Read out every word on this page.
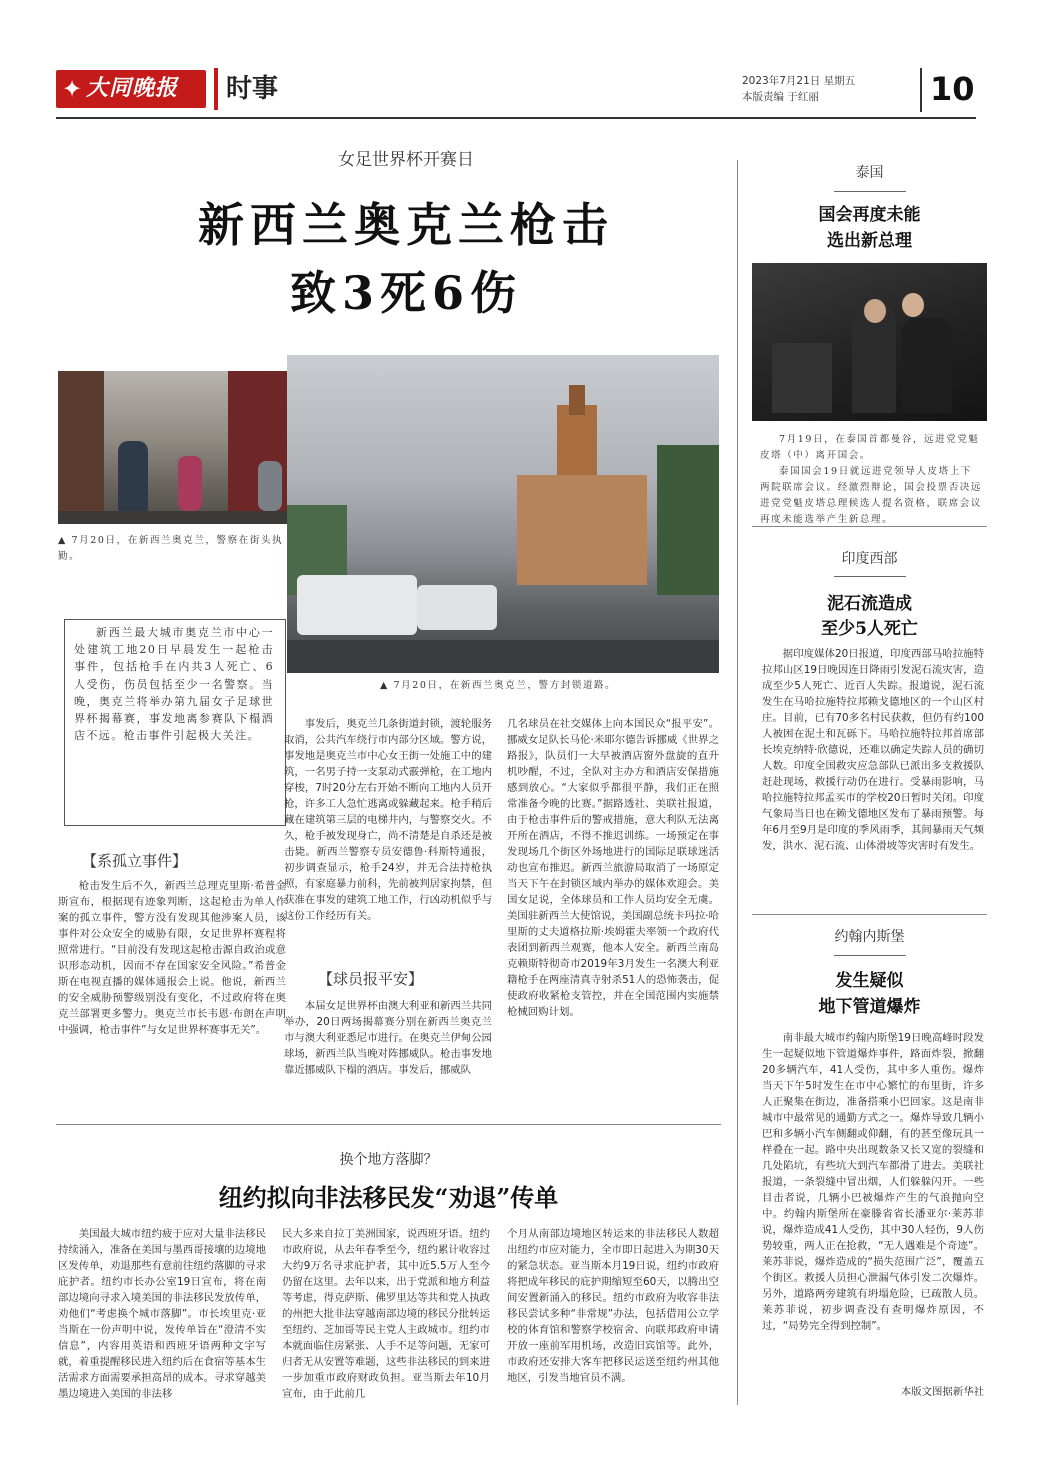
✦ 大同晚报 时事	2023年7月21日 星期五
本版责编 于红丽	10
女足世界杯开赛日
新西兰奥克兰枪击
致3死6伤
▲ 7月20日，在新西兰奥克兰，警察在街头执勤。
▲ 7月20日，在新西兰奥克兰，警方封锁道路。
新西兰最大城市奥克兰市中心一处建筑工地20日早晨发生一起枪击事件，包括枪手在内共3人死亡、6人受伤，伤员包括至少一名警察。当晚，奥克兰将举办第九届女子足球世界杯揭幕赛，事发地离参赛队下榻酒店不远。枪击事件引起极大关注。
【系孤立事件】
枪击发生后不久，新西兰总理克里斯·希普金斯宣布，根据现有迹象判断，这起枪击为单人作案的孤立事件，警方没有发现其他涉案人员，该事件对公众安全的威胁有限，女足世界杯赛程将照常进行。“目前没有发现这起枪击源自政治或意识形态动机，因而不存在国家安全风险。”希普金斯在电视直播的媒体通报会上说。他说，新西兰的安全威胁预警级别没有变化，不过政府将在奥克兰部署更多警力。奥克兰市长韦恩·布朗在声明中强调，枪击事件”与女足世界杯赛事无关”。
事发后，奥克兰几条街道封锁，渡轮服务取消，公共汽车绕行市内部分区域。警方说，事发地是奥克兰市中心女王街一处施工中的建筑，一名男子持一支泵动式霰弹枪，在工地内穿梭，7时20分左右开始不断向工地内人员开枪，许多工人急忙逃离或躲藏起来。枪手稍后藏在建筑第三层的电梯井内，与警察交火。不久，枪手被发现身亡，尚不清楚是自杀还是被击毙。新西兰警察专员安德鲁·科斯特通报，初步调查显示，枪手24岁，并无合法持枪执照，有家庭暴力前科，先前被判居家拘禁，但获准在事发的建筑工地工作，行凶动机似乎与这份工作经历有关。
【球员报平安】
本届女足世界杯由澳大利亚和新西兰共同举办，20日两场揭幕赛分别在新西兰奥克兰市与澳大利亚悉尼市进行。在奥克兰伊甸公园球场，新西兰队当晚对阵挪威队。枪击事发地靠近挪威队下榻的酒店。事发后，挪威队
几名球员在社交媒体上向本国民众“报平安”。挪威女足队长马伦·米耶尔德告诉挪威《世界之路报》，队员们一大早被酒店窗外盘旋的直升机吵醒，不过，全队对主办方和酒店安保措施感到放心。“大家似乎都很平静，我们正在照常准备今晚的比赛。”据路透社、美联社报道，由于枪击事件后的警戒措施，意大利队无法离开所在酒店，不得不推迟训练。一场预定在事发现场几个街区外场地进行的国际足联球迷活动也宣布推迟。新西兰旅游局取消了一场原定当天下午在封锁区域内举办的媒体欢迎会。美国女足说，全体球员和工作人员均安全无虞。美国驻新西兰大使馆说，美国副总统卡玛拉·哈里斯的丈夫道格拉斯·埃姆霍夫率领一个政府代表团到新西兰观赛，他本人安全。新西兰南岛克赖斯特彻奇市2019年3月发生一名澳大利亚籍枪手在两座清真寺射杀51人的恐怖袭击，促使政府收紧枪支管控，并在全国范围内实施禁枪械回购计划。
换个地方落脚？
纽约拟向非法移民发“劝退”传单
美国最大城市纽约疲于应对大量非法移民持续涌入，准备在美国与墨西哥接壤的边境地区发传单，劝退那些有意前往纽约落脚的寻求庇护者。纽约市长办公室19日宣布，将在南部边境向寻求入境美国的非法移民发放传单，劝他们“考虑换个城市落脚”。市长埃里克·亚当斯在一份声明中说，发传单旨在“澄清不实信息”，内容用英语和西班牙语两种文字写就，着重提醒移民进入纽约后在食宿等基本生活需求方面需要承担高昂的成本。寻求穿越美墨边境进入美国的非法移
民大多来自拉丁美洲国家，说西班牙语。纽约市政府说，从去年春季至今，纽约累计收容过大约9万名寻求庇护者，其中近5.5万人至今仍留在这里。去年以来，出于党派和地方利益等考虑，得克萨斯、佛罗里达等共和党人执政的州把大批非法穿越南部边境的移民分批转运至纽约、芝加哥等民主党人主政城市。纽约市本就面临住房紧张、人手不足等问题，无家可归者无从安置等难题，这些非法移民的到来进一步加重市政府财政负担。亚当斯去年10月宣布，由于此前几
个月从南部边境地区转运来的非法移民人数超出纽约市应对能力，全市即日起进入为期30天的紧急状态。亚当斯本月19日说，纽约市政府将把成年移民的庇护期缩短至60天，以腾出空间安置新涌入的移民。纽约市政府为收容非法移民尝试多种“非常规”办法，包括借用公立学校的体育馆和警察学校宿舍、向联邦政府申请开放一座前军用机场，改造旧宾馆等。此外，市政府还安排大客车把移民运送至纽约州其他地区，引发当地官员不满。
泰国
国会再度未能
选出新总理
7月19日，在泰国首都曼谷，远进党党魁皮塔（中）离开国会。
泰国国会19日就远进党领导人皮塔上下两院联席会议。经激烈辩论，国会投票否决远进党党魁皮塔总理候选人提名资格，联席会议再度未能选举产生新总理。
印度西部
泥石流造成
至少5人死亡
据印度媒体20日报道，印度西部马哈拉施特拉邦山区19日晚因连日降雨引发泥石流灾害，造成至少5人死亡、近百人失踪。报道说，泥石流发生在马哈拉施特拉邦赖戈德地区的一个山区村庄。目前，已有70多名村民获救，但仍有约100人被困在泥土和瓦砾下。马哈拉施特拉邦首席部长埃克纳特·欣德说，还难以确定失踪人员的确切人数。印度全国救灾应急部队已派出多支救援队赶赴现场，救援行动仍在进行。受暴雨影响，马哈拉施特拉邦孟买市的学校20日暂时关闭。印度气象局当日也在赖戈德地区发布了暴雨预警。每年6月至9月是印度的季风雨季，其间暴雨天气频发，洪水、泥石流、山体滑坡等灾害时有发生。
约翰内斯堡
发生疑似
地下管道爆炸
南非最大城市约翰内斯堡19日晚高峰时段发生一起疑似地下管道爆炸事件，路面炸裂，掀翻20多辆汽车，41人受伤，其中多人重伤。爆炸当天下午5时发生在市中心繁忙的布里街，许多人正聚集在街边，准备搭乘小巴回家。这是南非城市中最常见的通勤方式之一。爆炸导致几辆小巴和多辆小汽车侧翻或仰翻，有的甚至像玩具一样叠在一起。路中央出现数条又长又宽的裂缝和几处陷坑，有些坑大到汽车都滑了进去。美联社报道，一条裂缝中冒出烟，人们躲躲闪开。一些目击者说，几辆小巴被爆炸产生的气浪抛向空中。约翰内斯堡所在豪滕省省长潘亚尔·莱苏菲说，爆炸造成41人受伤，其中30人轻伤，9人伤势较重，两人正在抢救，“无人遇难是个奇迹”。莱苏菲说，爆炸造成的“损失范围广泛”，覆盖五个街区。救援人员担心泄漏气体引发二次爆炸。另外，道路两旁建筑有坍塌危险，已疏散人员。莱苏菲说，初步调查没有查明爆炸原因，不过，“局势完全得到控制”。
本版文图据新华社
